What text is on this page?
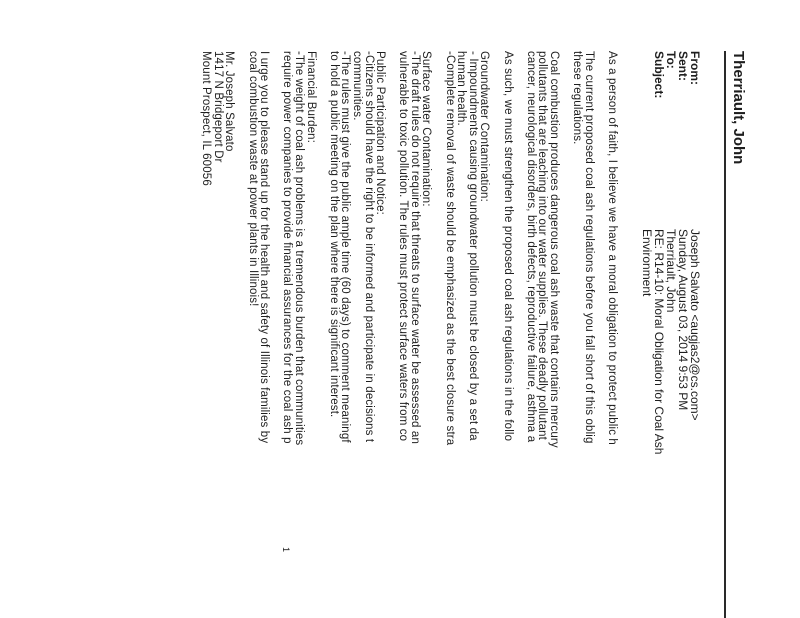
Therriault, John
As a person of faith, I believe we have a moral obligation to protect public h
The current proposed coal ash regulations before you fall short of this oblig
these regulations.
Coal combustion produces dangerous coal ash waste that contains mercury
pollutants that are leaching into our water supplies. These deadly pollutant
cancer, neurological disorders, birth defects, reproductive failure, asthma a
As such, we must strengthen the proposed coal ash regulations in the follo
Groundwater Contamination:
- Impoundments causing groundwater pollution must be closed by a set da
human health.
-Complete removal of waste should be emphasized as the best closure stra
Surface water Contamination:
-The draft rules do not require that threats to surface water be assessed an
vulnerable to toxic pollution. The rules must protect surface waters from co
Public Participation and Notice:
-Citizens should have the right to be informed and participate in decisions t
communities.
-The rules must give the public ample time (60 days) to comment meaningf
to hold a public meeting on the plan where there is significant interest.
Financial Burden:
-The weight of coal ash problems is a tremendous burden that communities
require power companies to provide financial assurances for the coal ash p
I urge you to please stand up for the health and safety of Illinois families by
coal combustion waste at power plants in Illinois!
Mr. Joseph Salvato
1417 N Bridgeport Dr
Mount Prospect, IL 60056
1
From:
Joseph Salvato <augjas2@cs.com>
Sent:
Sunday, August 03, 2014 9:53 PM
To:
Therriault, John
Subject:
RE: R14-10: Moral Obligation for Coal Ash
Environment
